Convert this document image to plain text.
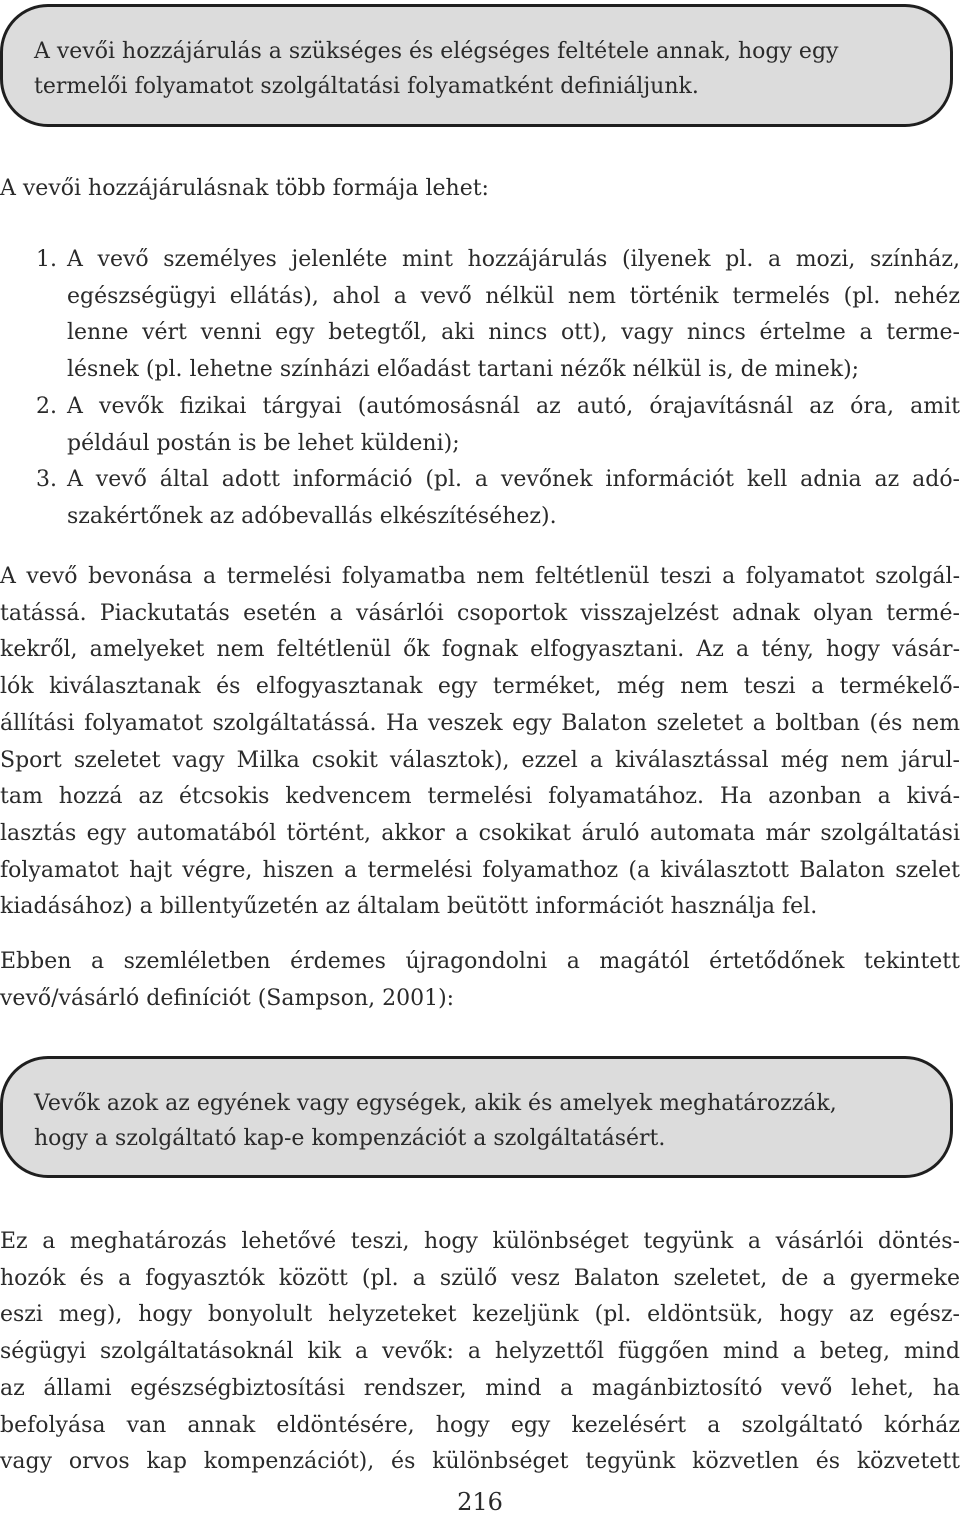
A vevői hozzájárulás a szükséges és elégséges feltétele annak, hogy egy
termelői folyamatot szolgáltatási folyamatként definiáljunk.
A vevői hozzájárulásnak több formája lehet:
1. A vevő személyes jelenléte mint hozzájárulás (ilyenek pl. a mozi, színház,
egészségügyi ellátás), ahol a vevő nélkül nem történik termelés (pl. nehéz
lenne vért venni egy betegtől, aki nincs ott), vagy nincs értelme a terme-
lésnek (pl. lehetne színházi előadást tartani nézők nélkül is, de minek);
2. A vevők fizikai tárgyai (autómosásnál az autó, órajavításnál az óra, amit
például postán is be lehet küldeni);
3. A vevő által adott információ (pl. a vevőnek információt kell adnia az adó-
szakértőnek az adóbevallás elkészítéséhez).
A vevő bevonása a termelési folyamatba nem feltétlenül teszi a folyamatot szolgál-
tatássá. Piackutatás esetén a vásárlói csoportok visszajelzést adnak olyan termé-
kekről, amelyeket nem feltétlenül ők fognak elfogyasztani. Az a tény, hogy vásár-
lók kiválasztanak és elfogyasztanak egy terméket, még nem teszi a termékelő-
állítási folyamatot szolgáltatássá. Ha veszek egy Balaton szeletet a boltban (és nem
Sport szeletet vagy Milka csokit választok), ezzel a kiválasztással még nem járul-
tam hozzá az étcsokis kedvencem termelési folyamatához. Ha azonban a kivá-
lasztás egy automatából történt, akkor a csokikat áruló automata már szolgáltatási
folyamatot hajt végre, hiszen a termelési folyamathoz (a kiválasztott Balaton szelet
kiadásához) a billentyűzetén az általam beütött információt használja fel.
Ebben a szemléletben érdemes újragondolni a magától értetődőnek tekintett
vevő/vásárló definíciót (Sampson, 2001):
Vevők azok az egyének vagy egységek, akik és amelyek meghatározzák,
hogy a szolgáltató kap-e kompenzációt a szolgáltatásért.
Ez a meghatározás lehetővé teszi, hogy különbséget tegyünk a vásárlói döntés-
hozók és a fogyasztók között (pl. a szülő vesz Balaton szeletet, de a gyermeke
eszi meg), hogy bonyolult helyzeteket kezeljünk (pl. eldöntsük, hogy az egész-
ségügyi szolgáltatásoknál kik a vevők: a helyzettől függően mind a beteg, mind
az állami egészségbiztosítási rendszer, mind a magánbiztosító vevő lehet, ha
befolyása van annak eldöntésére, hogy egy kezelésért a szolgáltató kórház
vagy orvos kap kompenzációt), és különbséget tegyünk közvetlen és közvetett
216
